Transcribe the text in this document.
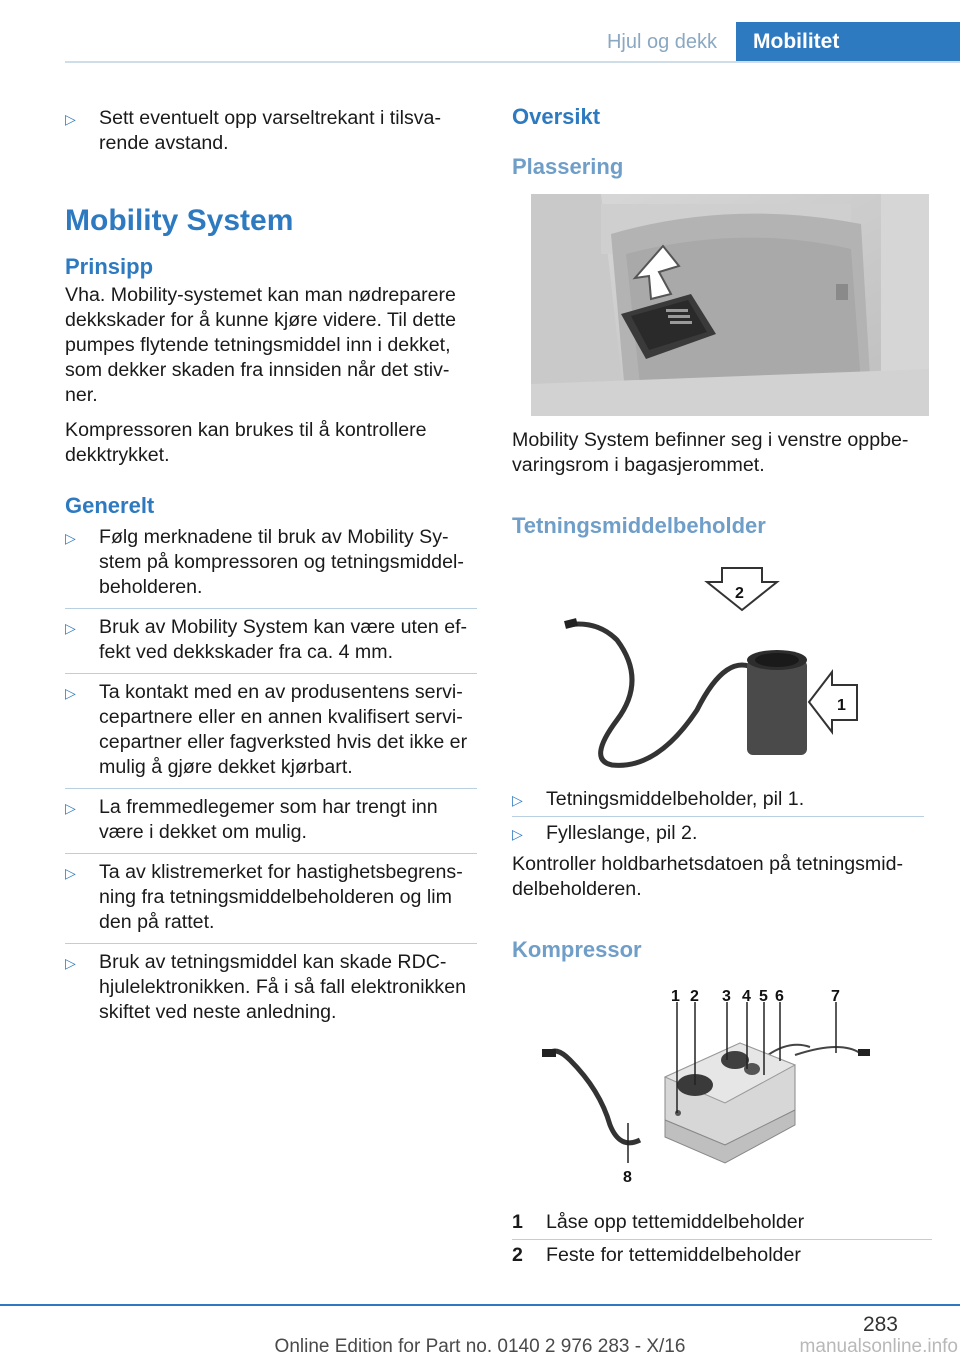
Hjul og dekk	Mobilitet
▷ Sett eventuelt opp varseltrekant i tilsva-rende avstand.
Mobility System
Prinsipp
Vha. Mobility-systemet kan man nødreparere dekkskader for å kunne kjøre videre. Til dette pumpes flytende tetningsmiddel inn i dekket, som dekker skaden fra innsiden når det stiv-ner.
Kompressoren kan brukes til å kontrollere dekktrykket.
Generelt
▷ Følg merknadene til bruk av Mobility Sy-stem på kompressoren og tetningsmiddel-beholderen.
▷ Bruk av Mobility System kan være uten ef-fekt ved dekkskader fra ca. 4 mm.
▷ Ta kontakt med en av produsentens servi-cepartnere eller en annen kvalifisert servi-cepartner eller fagverksted hvis det ikke er mulig å gjøre dekket kjørbart.
▷ La fremmedlegemer som har trengt inn være i dekket om mulig.
▷ Ta av klistremerket for hastighetsbegrens-ning fra tetningsmiddelbeholderen og lim den på rattet.
▷ Bruk av tetningsmiddel kan skade RDC-hjulelektronikken. Få i så fall elektronikken skiftet ved neste anledning.
Oversikt
Plassering
Mobility System befinner seg i venstre oppbe-varingsrom i bagasjerommet.
Tetningsmiddelbeholder
2
1
▷ Tetningsmiddelbeholder, pil 1.
▷ Fylleslange, pil 2.
Kontroller holdbarhetsdatoen på tetningsmid-delbeholderen.
Kompressor
1 2 3 4 5 6	7
8
1 Låse opp tettemiddelbeholder
2 Feste for tettemiddelbeholder
283
Online Edition for Part no. 0140 2 976 283 - X/16	manualsonline.info
